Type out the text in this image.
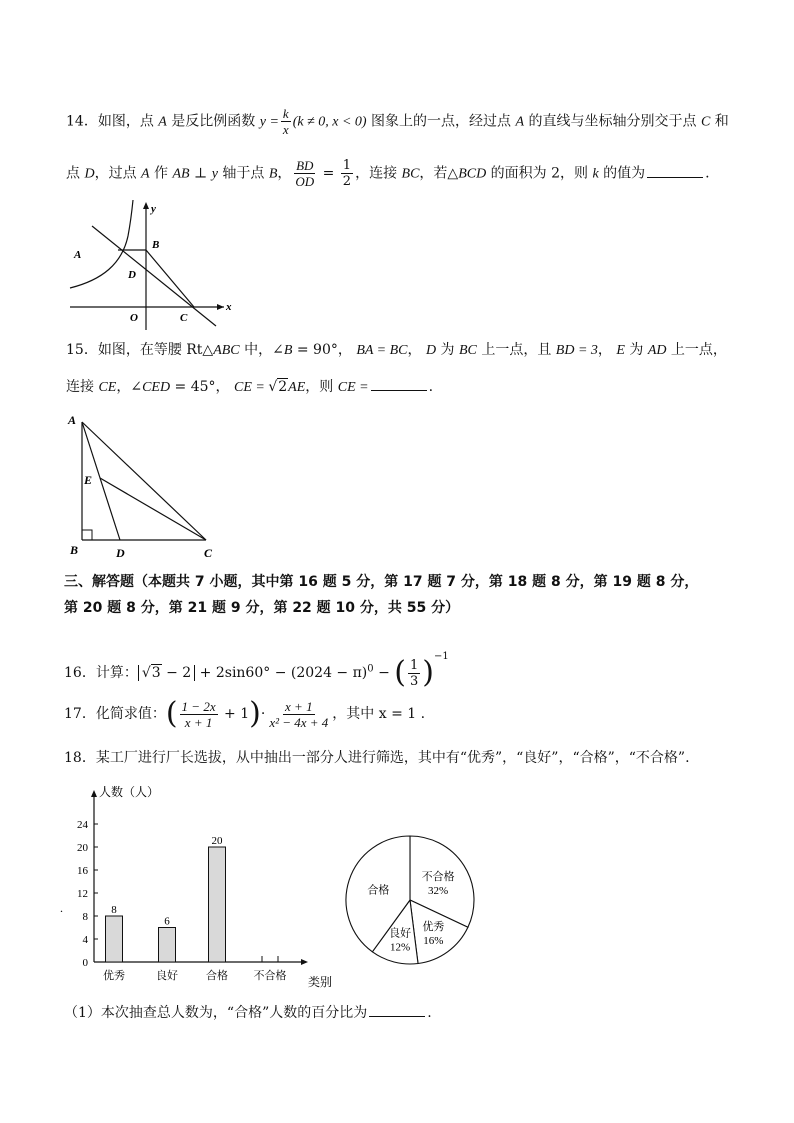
14．如图，点 A 是反比例函数 $y = \frac{k}{x} (k \ne 0$, x < 0) 图象上的一点，经过点 A 的直线与坐标轴分别交于点 C 和
点 D，过点 A 作 AB ⊥ y 轴于点 B， $\frac{BD}{OD} = \frac{1}{2}$ ，连接 BC，若△BCD 的面积为 2，则 k 的值为	.
A
B
D
O	C
y
x
15．如图，在等腰 Rt△ABC 中，∠B = 90°， BA = BC， D 为 BC 上一点，且 BD = 3， E 为 AD 上一点，
连接 CE，∠CED = 45°， CE = √2AE，则 CE =	.
A
E
B	D	C
三、解答题（本题共 7 小题，其中第 16 题 5 分，第 17 题 7 分，第 18 题 8 分，第 19 题 8 分，
第 20 题 8 分，第 21 题 9 分，第 22 题 10 分，共 55 分）
16．计算： $√3 - 2 + 2\sin 60^\circ - (2024 - \pi)^0$ − ( $\frac{1}{3} )^{-1}$
17．化简求值：( $\frac{1 - 2x}{x + 1} + 1)\cdot \frac{x + 1}{\text{x² − 4x + 4}}$ ，其中 x = 1 .
18．某工厂进行厂长选拔，从中抽出一部分人进行筛选，其中有“优秀”，“良好”，“合格”，“不合格”.
人数（人）
类别
0
4
8
12
16
20
24
8
优秀
6
良好
20
合格 不合格
.
不合格
32%
优秀
16%
良好
12%
合格
（1）本次抽查总人数为，“合格”人数的百分比为	.
